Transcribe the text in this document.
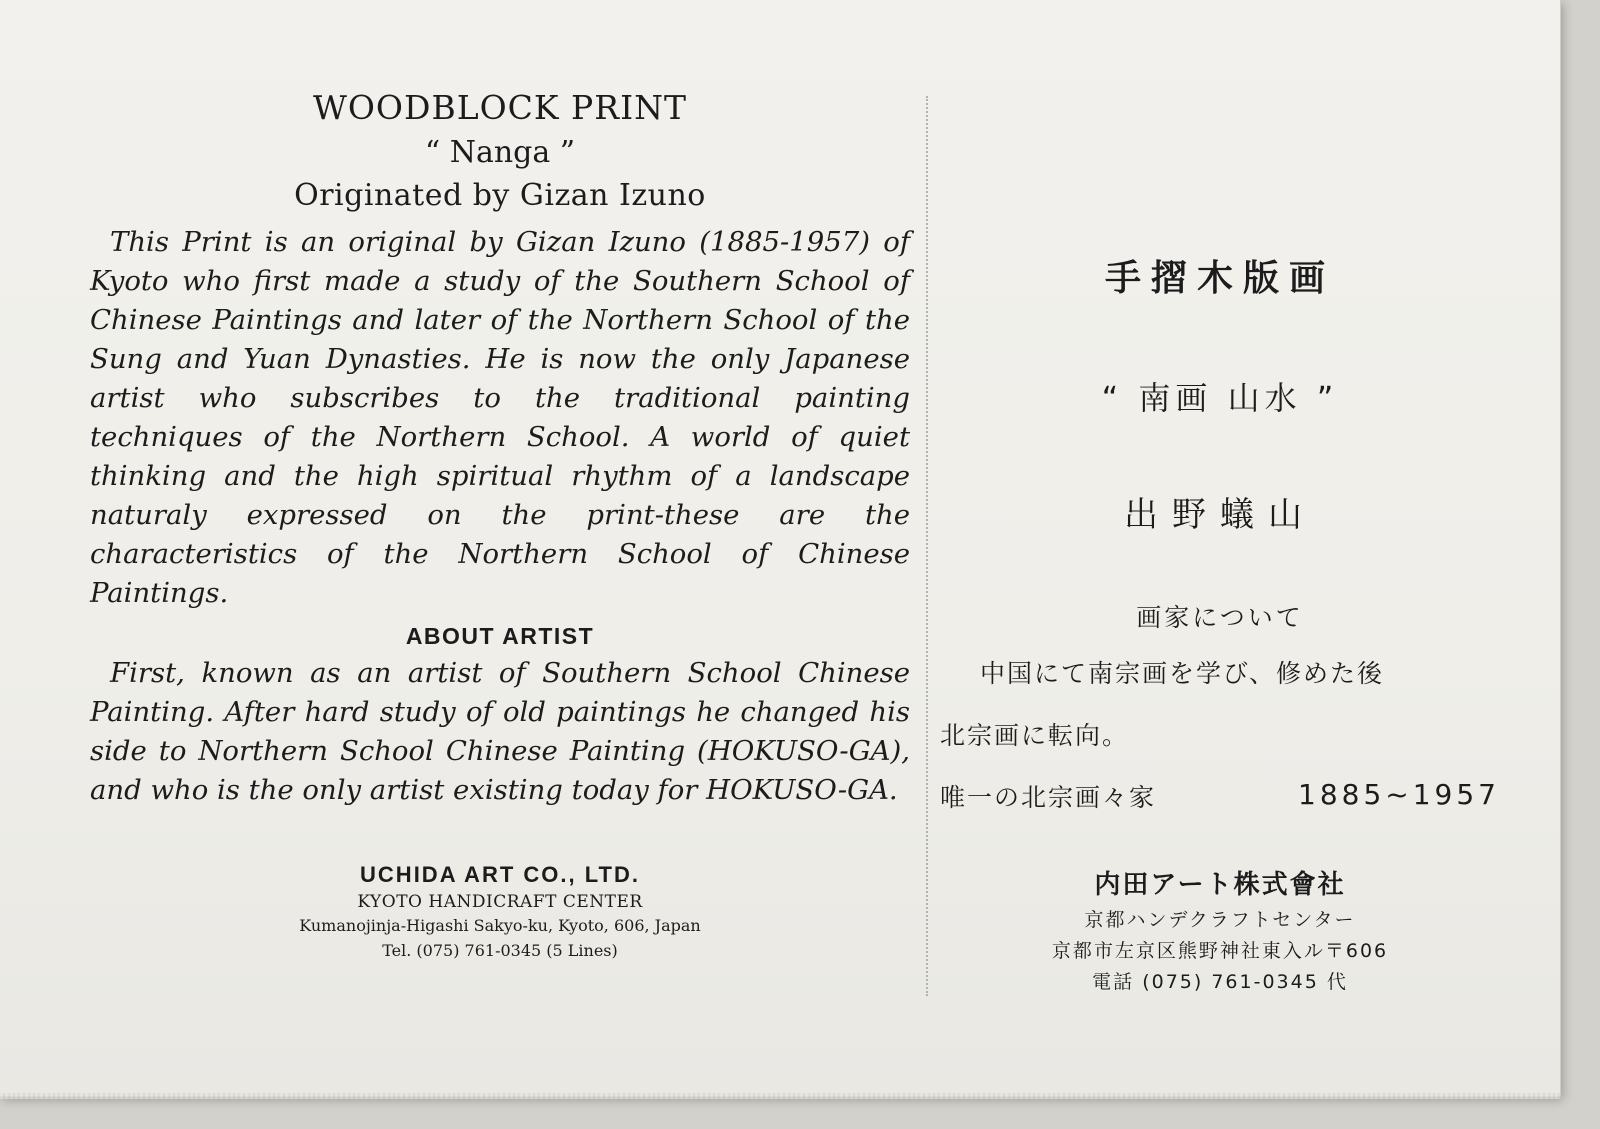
WOODBLOCK PRINT
“ Nanga ”
Originated by Gizan Izuno
This Print is an original by Gizan Izuno (1885-1957) of Kyoto who first made a study of the Southern School of Chinese Paintings and later of the Northern School of the Sung and Yuan Dynasties. He is now the only Japanese artist who subscribes to the traditional painting techniques of the Northern School. A world of quiet thinking and the high spiritual rhythm of a landscape naturaly expressed on the print-these are the characteristics of the Northern School of Chinese Paintings.
ABOUT ARTIST
First, known as an artist of Southern School Chinese Painting. After hard study of old paintings he changed his side to Northern School Chinese Painting (HOKUSO-GA), and who is the only artist existing today for HOKUSO-GA.
UCHIDA ART CO., LTD.
KYOTO HANDICRAFT CENTER
Kumanojinja-Higashi Sakyo-ku, Kyoto, 606, Japan
Tel. (075) 761-0345 (5 Lines)
手摺木版画
“ 南画 山水 ”
出野蟻山
画家について
中国にて南宗画を学び、修めた後
北宗画に転向。
唯一の北宗画々家	1885~1957
内田アート株式會社
京都ハンデクラフトセンター
京都市左京区熊野神社東入ル〒606
電話 (075) 761-0345 代
